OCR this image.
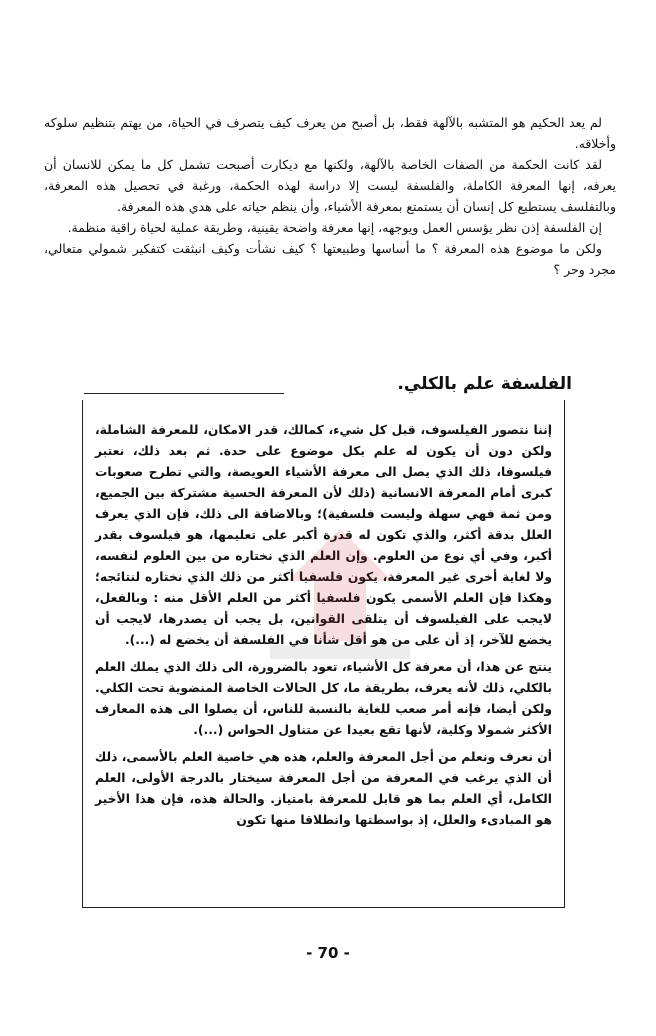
لم يعد الحكيم هو المتشبه بالآلهة فقط، بل أصبح من يعرف كيف يتصرف في الحياة، من يهتم بتنظيم سلوكه وأخلاقه.

لقد كانت الحكمة من الصفات الخاصة بالآلهة، ولكنها مع ديكارت أصبحت تشمل كل ما يمكن للانسان أن يعرفه، إنها المعرفة الكاملة، والفلسفة ليست إلا دراسة لهذه الحكمة، ورغبة في تحصيل هذه المعرفة، وبالتفلسف يستطيع كل إنسان أن يستمتع بمعرفة الأشياء، وأن ينظم حياته على هدي هذه المعرفة.

إن الفلسفة إذن نظر يؤسس العمل ويوجهه، إنها معرفة واضحة يقينية، وطريقة عملية لحياة راقية منظمة.

ولكن ما موضوع هذه المعرفة ؟ ما أساسها وطبيعتها ؟ كيف نشأت وكيف انبثقت كتفكير شمولي متعالي، مجرد وحر ؟

الفلسفة علم بالكلي.

إننا نتصور الفيلسوف، قبل كل شيء، كمالك، قدر الامكان، للمعرفة الشاملة، ولكن دون أن يكون له علم بكل موضوع على حدة. ثم بعد ذلك، نعتبر فيلسوفا، ذلك الذي يصل الى معرفة الأشياء العويصة، والتي تطرح صعوبات كبرى أمام المعرفة الانسانية (ذلك لأن المعرفة الحسية مشتركة بين الجميع، ومن ثمة فهي سهلة وليست فلسفية)؛ وبالاضافة الى ذلك، فإن الذي يعرف العلل بدقة أكثر، والذي تكون له قدرة أكبر على تعليمها، هو فيلسوف بقدر أكبر، وفي أي نوع من العلوم. وإن العلم الذي نختاره من بين العلوم لنفسه، ولا لغاية أخرى غير المعرفة، يكون فلسفيا أكثر من ذلك الذي نختاره لنتائجه؛ وهكذا فإن العلم الأسمى يكون فلسفيا أكثر من العلم الأقل منه : وبالفعل، لايجب على الفيلسوف أن يتلقى القوانين، بل يجب أن يصدرها، لايجب أن يخضع للآخر، إذ أن على من هو أقل شأنا في الفلسفة أن يخضع له (...).

ينتج عن هذا، أن معرفة كل الأشياء، تعود بالضرورة، الى ذلك الذي يملك العلم بالكلي، ذلك لأنه يعرف، بطريقة ما، كل الحالات الخاصة المنضوية تحت الكلي. ولكن أيضا، فإنه أمر صعب للغاية بالنسبة للناس، أن يصلوا الى هذه المعارف الأكثر شمولا وكلية، لأنها تقع بعيدا عن متناول الحواس (...).

أن نعرف ونعلم من أجل المعرفة والعلم، هذه هي خاصية العلم بالأسمى، ذلك أن الذي يرغب في المعرفة من أجل المعرفة سيختار بالدرجة الأولى، العلم الكامل، أي العلم بما هو قابل للمعرفة بامتياز. والحالة هذه، فإن هذا الأخير هو المبادىء والعلل، إذ بواسطتها وانطلاقا منها تكون

- 70 -
